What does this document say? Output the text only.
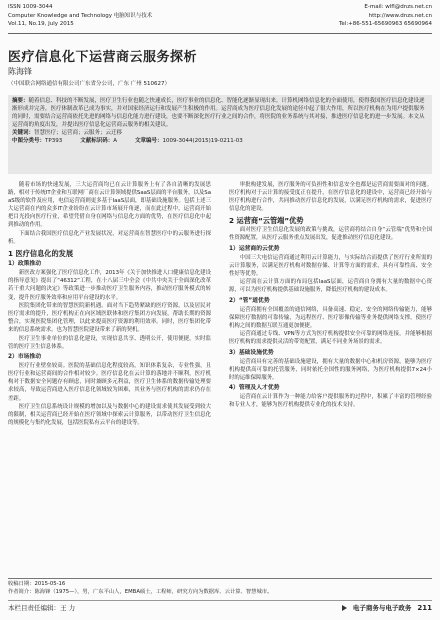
ISSN 1009-3044
Computer Knowledge and Technology 电脑知识与技术
Vol.11, No.19, July 2015
E-mail: wlfl@dnzs.net.cn
http://www.dnzs.net.cn
Tel:+86-551-65690963 65690964
医疗信息化下运营商云服务探析
陈海锋
（中国联合网络通信有限公司广东省分公司，广东 广州 510627）

摘要：随着信息、科技的不断发展，医疗卫生行业也随之快速成长，医疗事业的信息化、智能化逐渐显现出来。计算机网络信息化的全面使用，使得我国医疗信息化建设逐渐形成并完善，医疗体制改革已成为事实，并对国家经济运行和发展产生积极的作用。运营商成为医疗信息化发展的途径中起了很大作用，所以医疗机构在为用户提供服务的同时，需要结合运营商依托先进的网络与信息化能力进行建设，也要不断深化医疗行业之间的合作，将医院的业务系统与其对接，推进医疗信息化的进一步发展。本文从运营商的角度出发，并提出医疗信息化运营商云服务的相关建议。

关键词：智慧医疗；运营商；云服务；云迁移

中图分类号：TP393	文献标识码：A	文章编号：1009-3044(2015)19-0211-03

随着市场的快速发展，三大运营商均已在云计算服务上有了各自清晰的发展思路，相对于传统IT企业和互联网厂商在云计算领域提供SaaS层面的平台服务，以及SaaS级的软件及应用，电信运营商则更多基于IaaS层面，即基础设施服务。包括上述三大运营商在内的众多IT企业纷纷在云计算市场展开角逐，而在此过程中，运营商开始把目光投向医疗行业，希望凭借自身在网络与信息化方面的优势，在医疗信息化中起到推动的作用。

下面结合我国医疗信息化产业发展状况，对运营商在智慧医疗中的云服务进行探析。

1 医疗信息化的发展
1）政策推动

新医改方案强化了医疗信息化工作，2013年《关于加快推进人口健康信息化建设的指导意见》提出了“46312”工程，在十八届三中全会《中共中央关于全面深化改革若干重大问题的决定》等政策进一步推动医疗卫生服务内容，推动医疗服务模式的转变，提升医疗服务效率和应用平台建设的水平。

医院集团化带来的智慧医院新机遇。面对当下趋势紧缺的医疗资源，以及居民对医疗需求的提升，医疗机构正在向区域医联体和医疗集团方向发展，帮助长期的资源整合，实现医院集团化管理，以此来提高医疗资源的利用效率。同时，医疗集团化带来的信息系统需求，也为智慧医院建设带来了新的契机。

医疗卫生事业单位的信息化建设，实现信息共享、透明公开，使用便捷，实时监管的医疗卫生信息体系。

2）市场推动

医疗行业壁垒较高。医院的基础信息化程度较高，知识体系复杂，专业性强，且医疗行业和运营商间的合作相对较少。医疗信息化在云计算的落地并不顺利，医疗机构对于数据安全问题存有顾虑，同时兼顾多元利益，医疗卫生体系的数据传输处理要求较高，导致运营商进入医疗信息化领域较为困难，其业务与医疗机构的需求仍存在差距。

医疗卫生信息系统设计规模的增加以及与数据中心的建设需求使其发展受到较大的限制，相关运营商已经开始在医疗领域中探索云计算服务，以带动医疗卫生信息化的规模化与集约化发展，包括医院私有云平台的建设等。

审批构建发展，医疗服务的可负担性和信息安全也都是运营商需要面对的问题。医疗机构对于云计算的接受度正在提升，在医疗信息化的建设中，运营商已经开始与医疗机构进行合作，共同推动医疗信息化的发展，以满足医疗机构的需求，促进医疗信息化的建设。

2 运营商“云管端”优势

面对医疗卫生信息化发展的政策与挑战，运营商将结合自身“云管端”优势和全国性资源配置，从医疗云服务重点发展出发，促进推动医疗信息化建设。

1）运营商的云优势

中国三大电信运营商通过利用云计算能力，与实际结合而提供了医疗行业所需的云计算服务，以满足医疗机构对数据存储、计算等方面的需求，具有可靠性高、安全性好等优势。

运营商在云计算方面的布局包括IaaS层面，运营商自身拥有大量的数据中心资源，可以为医疗机构提供基础设施服务，降低医疗机构的建设成本。

2）“管”道优势

运营商拥有全国覆盖的通信网络，具备高速、稳定、安全的网络传输能力，能够保障医疗数据的可靠传输，为远程医疗、医疗影像传输等业务提供网络支撑，使医疗机构之间的数据互联互通更加便捷。

运营商通过专线、VPN等方式为医疗机构提供安全可靠的网络连接，并能够根据医疗机构的需求提供灵活的带宽配置，满足不同业务场景的需求。

3）基础设施优势

运营商具有完善的基础设施建设，拥有大量的数据中心和机房资源，能够为医疗机构提供高可靠的托管服务，同时依托全国性的服务网络，为医疗机构提供7×24小时的运维保障服务。

4）管理及人才优势

运营商在云计算作为一种能力给客户提供服务的过程中，积累了丰富的管理经验和专业人才，能够为医疗机构提供专业化的技术支持。

收稿日期：2015-05-16
作者简介：陈海锋（1975—），男，广东平山人，EMBA硕士，工程师，研究方向为数据库、云计算、智慧城市。
本栏目责任编辑：王 力	电子商务与电子政务 211
